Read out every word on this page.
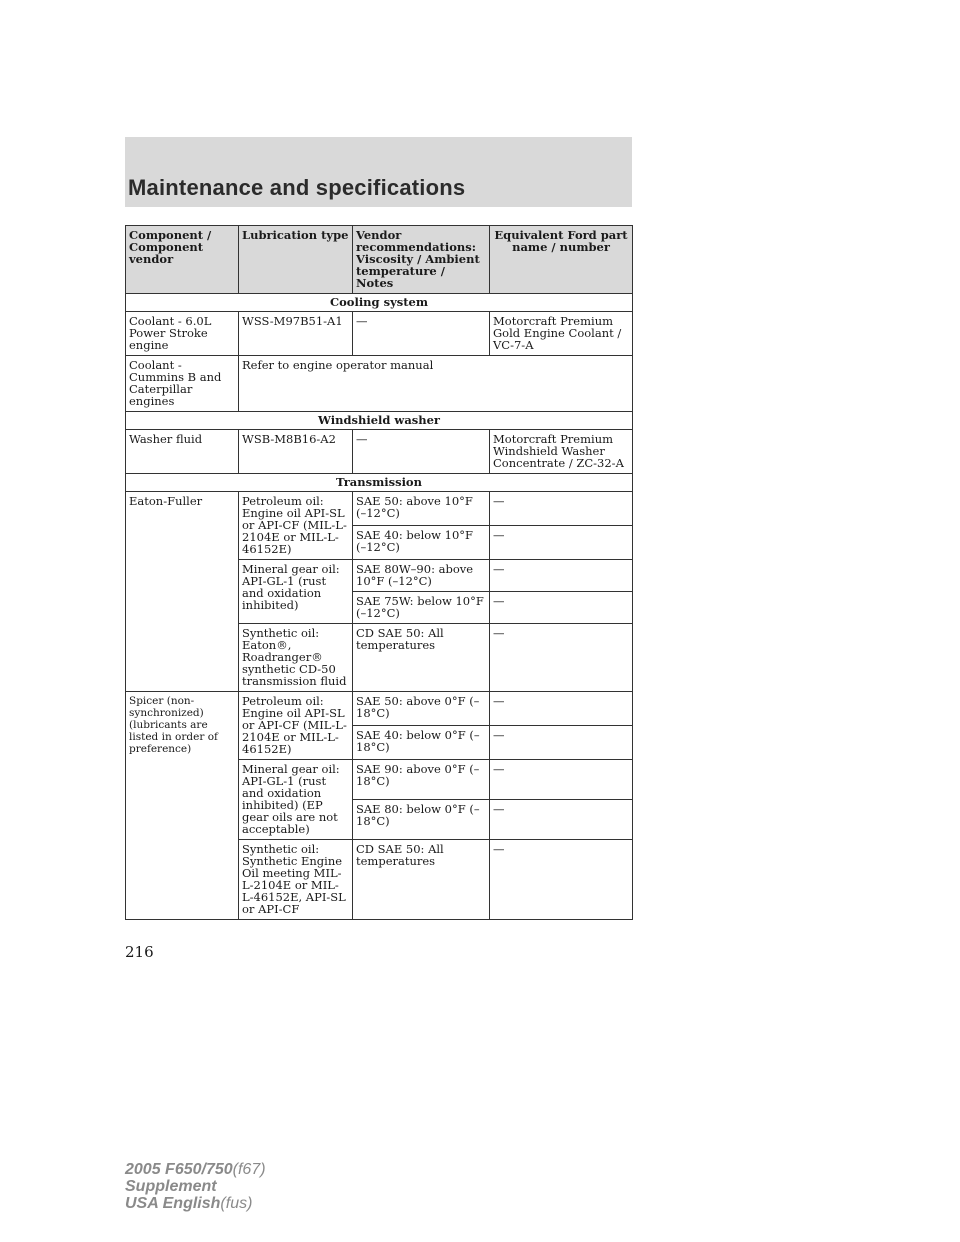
Maintenance and specifications
Component / Component vendor	Lubrication type	Vendor recommendations: Viscosity / Ambient temperature / Notes	Equivalent Ford part name / number
Cooling system			
Coolant - 6.0L Power Stroke engine	WSS-M97B51-A1	—	Motorcraft Premium Gold Engine Coolant / VC-7-A
Coolant - Cummins B and Caterpillar engines	Refer to engine operator manual		
Windshield washer			
Washer fluid	WSB-M8B16-A2	—	Motorcraft Premium Windshield Washer Concentrate / ZC-32-A
Transmission			
Eaton-Fuller	Petroleum oil: Engine oil API-SL or API-CF (MIL-L-2104E or MIL-L-46152E)	SAE 50: above 10°F (–12°C)	—
		SAE 40: below 10°F (–12°C)	—
	Mineral gear oil: API-GL-1 (rust and oxidation inhibited)	SAE 80W–90: above 10°F (–12°C)	—
		SAE 75W: below 10°F (–12°C)	—
	Synthetic oil: Eaton®, Roadranger® synthetic CD-50 transmission fluid	CD SAE 50: All temperatures	—
Spicer (non-synchronized) (lubricants are listed in order of preference)	Petroleum oil: Engine oil API-SL or API-CF (MIL-L-2104E or MIL-L-46152E)	SAE 50: above 0°F (–18°C)	—
		SAE 40: below 0°F (–18°C)	—
	Mineral gear oil: API-GL-1 (rust and oxidation inhibited) (EP gear oils are not acceptable)	SAE 90: above 0°F (–18°C)	—
		SAE 80: below 0°F (–18°C)	—
	Synthetic oil: Synthetic Engine Oil meeting MIL-L-2104E or MIL-L-46152E, API-SL or API-CF	CD SAE 50: All temperatures	—
216
2005 F650/750(f67)
Supplement
USA English(fus)
